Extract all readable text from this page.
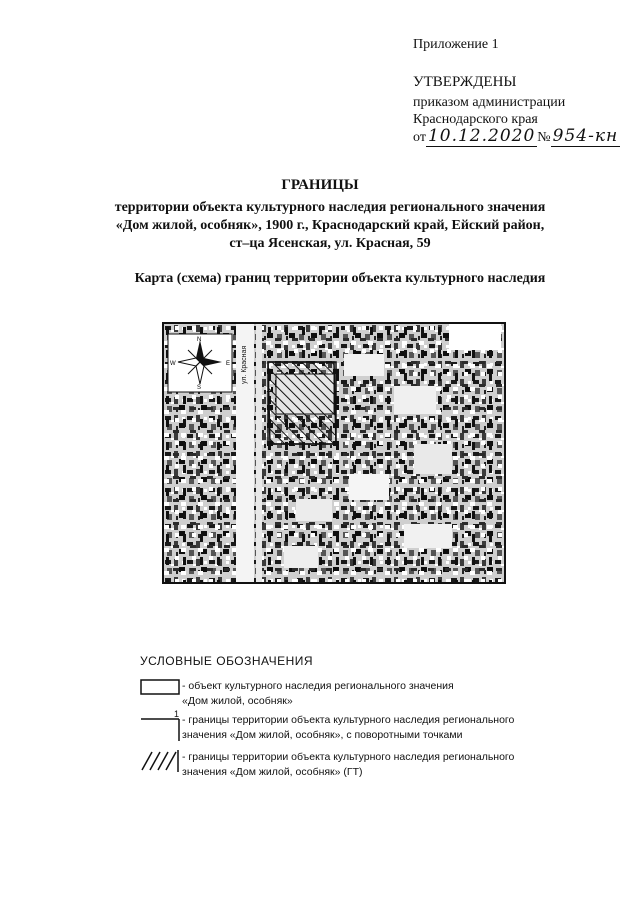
Приложение 1
УТВЕРЖДЕНЫ
приказом администрации
Краснодарского края
от 10.12.2020 № 954-кн
ГРАНИЦЫ
территории объекта культурного наследия регионального значения
«Дом жилой, особняк», 1900 г., Краснодарский край, Ейский район,
ст–ца Ясенская, ул. Красная, 59
Карта (схема) границ территории объекта культурного наследия
N
S
E
W	ул. Красная
УСЛОВНЫЕ ОБОЗНАЧЕНИЯ
- объект культурного наследия регионального значения
«Дом жилой, особняк»
1 - границы территории объекта культурного наследия регионального
значения «Дом жилой, особняк», с поворотными точками
- границы территории объекта культурного наследия регионального
значения «Дом жилой, особняк» (ГТ)
